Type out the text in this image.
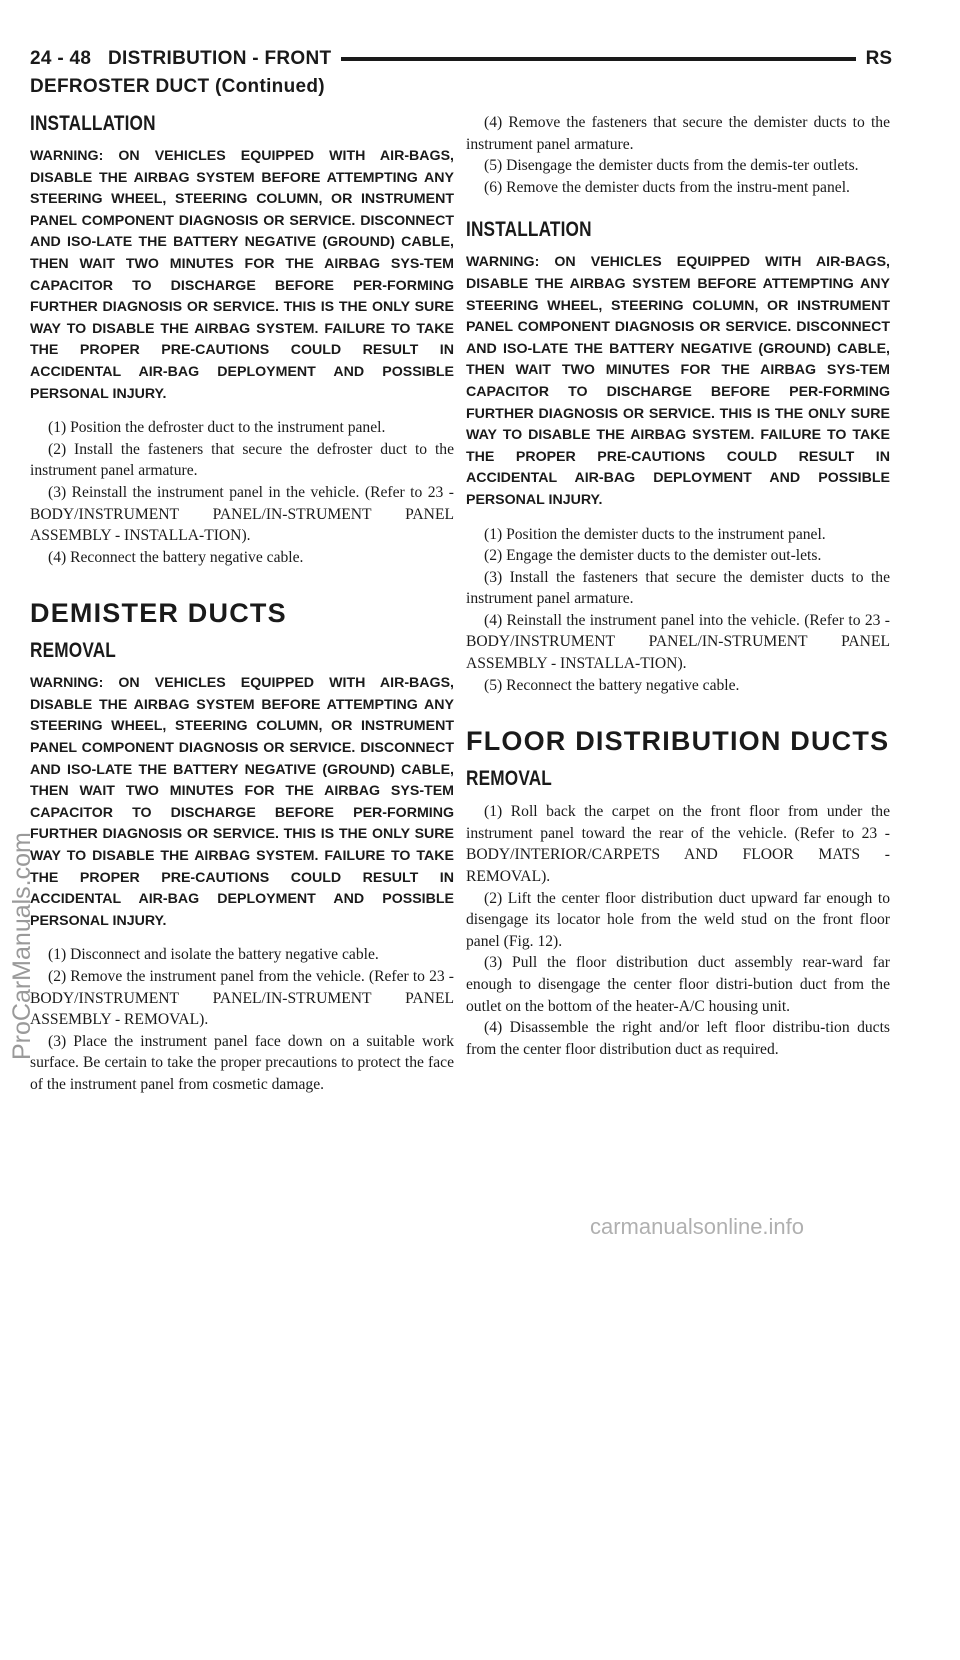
24 - 48 DISTRIBUTION - FRONT	RS
DEFROSTER DUCT (Continued)
INSTALLATION
WARNING: ON VEHICLES EQUIPPED WITH AIR-BAGS, DISABLE THE AIRBAG SYSTEM BEFORE ATTEMPTING ANY STEERING WHEEL, STEERING COLUMN, OR INSTRUMENT PANEL COMPONENT DIAGNOSIS OR SERVICE. DISCONNECT AND ISO-LATE THE BATTERY NEGATIVE (GROUND) CABLE, THEN WAIT TWO MINUTES FOR THE AIRBAG SYS-TEM CAPACITOR TO DISCHARGE BEFORE PER-FORMING FURTHER DIAGNOSIS OR SERVICE. THIS IS THE ONLY SURE WAY TO DISABLE THE AIRBAG SYSTEM. FAILURE TO TAKE THE PROPER PRE-CAUTIONS COULD RESULT IN ACCIDENTAL AIR-BAG DEPLOYMENT AND POSSIBLE PERSONAL INJURY.
(1) Position the defroster duct to the instrument panel.
(2) Install the fasteners that secure the defroster duct to the instrument panel armature.
(3) Reinstall the instrument panel in the vehicle. (Refer to 23 - BODY/INSTRUMENT PANEL/IN-STRUMENT PANEL ASSEMBLY - INSTALLA-TION).
(4) Reconnect the battery negative cable.
DEMISTER DUCTS
REMOVAL
WARNING: ON VEHICLES EQUIPPED WITH AIR-BAGS, DISABLE THE AIRBAG SYSTEM BEFORE ATTEMPTING ANY STEERING WHEEL, STEERING COLUMN, OR INSTRUMENT PANEL COMPONENT DIAGNOSIS OR SERVICE. DISCONNECT AND ISO-LATE THE BATTERY NEGATIVE (GROUND) CABLE, THEN WAIT TWO MINUTES FOR THE AIRBAG SYS-TEM CAPACITOR TO DISCHARGE BEFORE PER-FORMING FURTHER DIAGNOSIS OR SERVICE. THIS IS THE ONLY SURE WAY TO DISABLE THE AIRBAG SYSTEM. FAILURE TO TAKE THE PROPER PRE-CAUTIONS COULD RESULT IN ACCIDENTAL AIR-BAG DEPLOYMENT AND POSSIBLE PERSONAL INJURY.
(1) Disconnect and isolate the battery negative cable.
(2) Remove the instrument panel from the vehicle. (Refer to 23 - BODY/INSTRUMENT PANEL/IN-STRUMENT PANEL ASSEMBLY - REMOVAL).
(3) Place the instrument panel face down on a suitable work surface. Be certain to take the proper precautions to protect the face of the instrument panel from cosmetic damage.
(4) Remove the fasteners that secure the demister ducts to the instrument panel armature.
(5) Disengage the demister ducts from the demis-ter outlets.
(6) Remove the demister ducts from the instru-ment panel.
INSTALLATION
WARNING: ON VEHICLES EQUIPPED WITH AIR-BAGS, DISABLE THE AIRBAG SYSTEM BEFORE ATTEMPTING ANY STEERING WHEEL, STEERING COLUMN, OR INSTRUMENT PANEL COMPONENT DIAGNOSIS OR SERVICE. DISCONNECT AND ISO-LATE THE BATTERY NEGATIVE (GROUND) CABLE, THEN WAIT TWO MINUTES FOR THE AIRBAG SYS-TEM CAPACITOR TO DISCHARGE BEFORE PER-FORMING FURTHER DIAGNOSIS OR SERVICE. THIS IS THE ONLY SURE WAY TO DISABLE THE AIRBAG SYSTEM. FAILURE TO TAKE THE PROPER PRE-CAUTIONS COULD RESULT IN ACCIDENTAL AIR-BAG DEPLOYMENT AND POSSIBLE PERSONAL INJURY.
(1) Position the demister ducts to the instrument panel.
(2) Engage the demister ducts to the demister out-lets.
(3) Install the fasteners that secure the demister ducts to the instrument panel armature.
(4) Reinstall the instrument panel into the vehicle. (Refer to 23 - BODY/INSTRUMENT PANEL/IN-STRUMENT PANEL ASSEMBLY - INSTALLA-TION).
(5) Reconnect the battery negative cable.
FLOOR DISTRIBUTION DUCTS
REMOVAL
(1) Roll back the carpet on the front floor from under the instrument panel toward the rear of the vehicle. (Refer to 23 - BODY/INTERIOR/CARPETS AND FLOOR MATS - REMOVAL).
(2) Lift the center floor distribution duct upward far enough to disengage its locator hole from the weld stud on the front floor panel (Fig. 12).
(3) Pull the floor distribution duct assembly rear-ward far enough to disengage the center floor distri-bution duct from the outlet on the bottom of the heater-A/C housing unit.
(4) Disassemble the right and/or left floor distribu-tion ducts from the center floor distribution duct as required.
ProCarManuals.com
carmanualsonline.info
